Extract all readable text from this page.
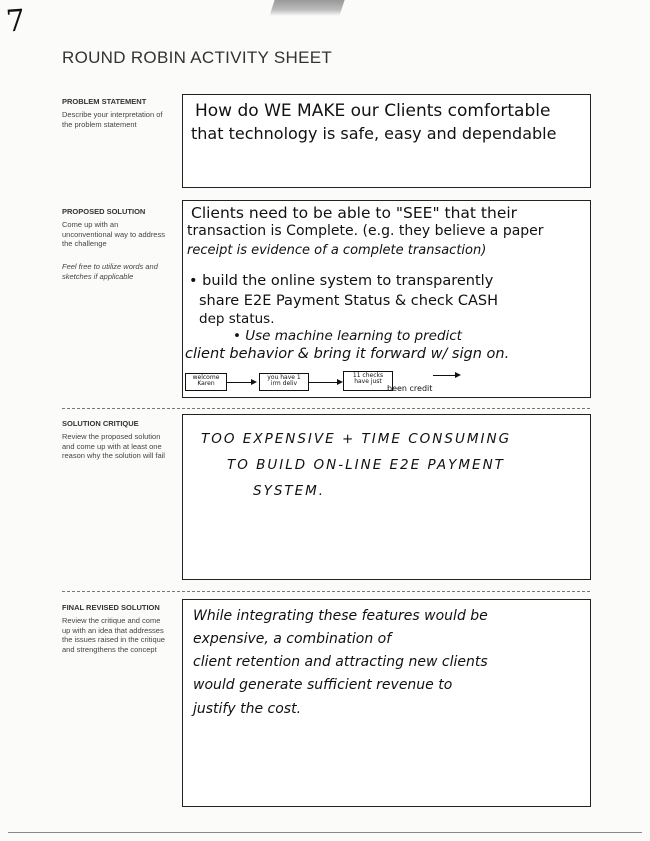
7
ROUND ROBIN ACTIVITY SHEET
PROBLEM STATEMENT
Describe your interpretation of the problem statement
How do WE MAKE our Clients comfortable
that technology is safe, easy and dependable
PROPOSED SOLUTION
Come up with an unconventional way to address the challenge
Feel free to utilize words and sketches if applicable
Clients need to be able to "SEE" that their
transaction is Complete. (e.g. they believe a paper
receipt is evidence of a complete transaction)
• build the online system to transparently
share E2E Payment Status & check CASH
dep status.
• Use machine learning to predict
client behavior & bring it forward w/ sign on.
welcome Karen
you have 1 irm deliv
11 checks have just
been credit
SOLUTION CRITIQUE
Review the proposed solution and come up with at least one reason why the solution will fail
TOO EXPENSIVE + TIME CONSUMING
TO BUILD ON-LINE E2E PAYMENT
SYSTEM.
FINAL REVISED SOLUTION
Review the critique and come up with an idea that addresses the issues raised in the critique and strengthens the concept
While integrating these features would be
expensive, a combination of
client retention and attracting new clients
would generate sufficient revenue to
justify the cost.
